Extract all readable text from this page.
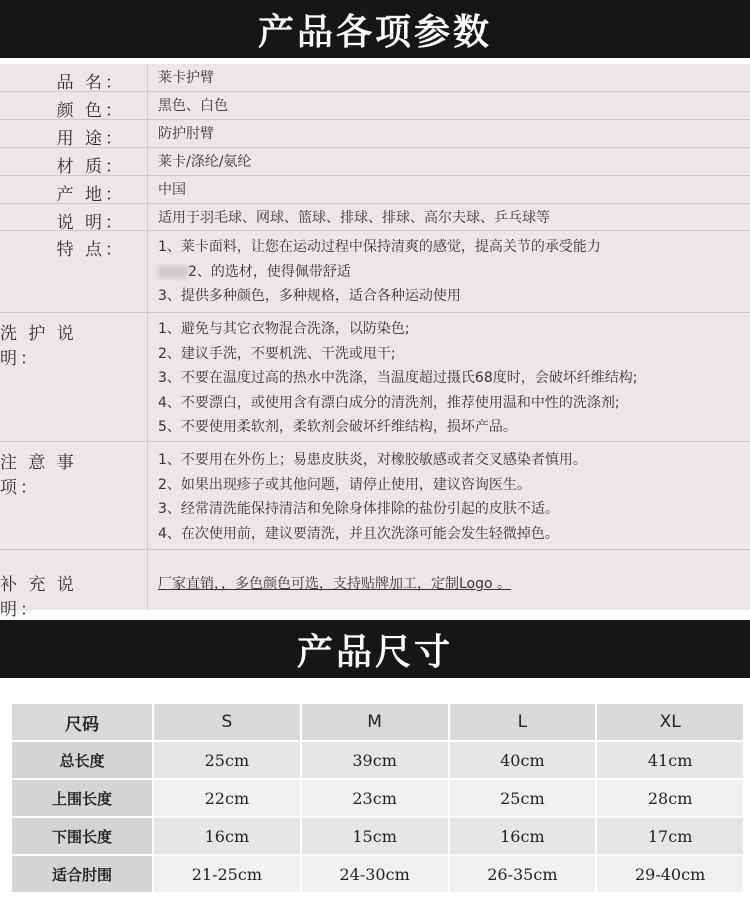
产品各项参数
品 名： 莱卡护臂
颜 色： 黑色、白色
用 途： 防护肘臂
材 质： 莱卡/涤纶/氨纶
产 地： 中国
说 明： 适用于羽毛球、网球、篮球、排球、排球、高尔夫球、乒乓球等
特 点： 1、莱卡面料，让您在运动过程中保持清爽的感觉，提高关节的承受能力
2、的选材，使得佩带舒适
3、提供多种颜色，多种规格，适合各种运动使用
洗 护 说 明：
1、避免与其它衣物混合洗涤，以防染色;
2、建议手洗，不要机洗、干洗或甩干;
3、不要在温度过高的热水中洗涤，当温度超过摄氏68度时，会破坏纤维结构;
4、不要漂白，或使用含有漂白成分的清洗剂，推荐使用温和中性的洗涤剂;
5、不要使用柔软剂，柔软剂会破坏纤维结构，损坏产品。
注 意 事 项：
1、不要用在外伤上；易患皮肤炎，对橡胶敏感或者交叉感染者慎用。
2、如果出现疹子或其他问题，请停止使用，建议咨询医生。
3、经常清洗能保持清洁和免除身体排除的盐份引起的皮肤不适。
4、在次使用前，建议要清洗，并且次洗涤可能会发生轻微掉色。
补 充 说 明：
厂家直销，，多色颜色可选，支持贴牌加工，定制Logo 。
产品尺寸
尺码	S	M	L	XL
总长度	25cm	39cm	40cm	41cm
上围长度	22cm	23cm	25cm	28cm
下围长度	16cm	15cm	16cm	17cm
适合肘围	21-25cm	24-30cm	26-35cm	29-40cm
